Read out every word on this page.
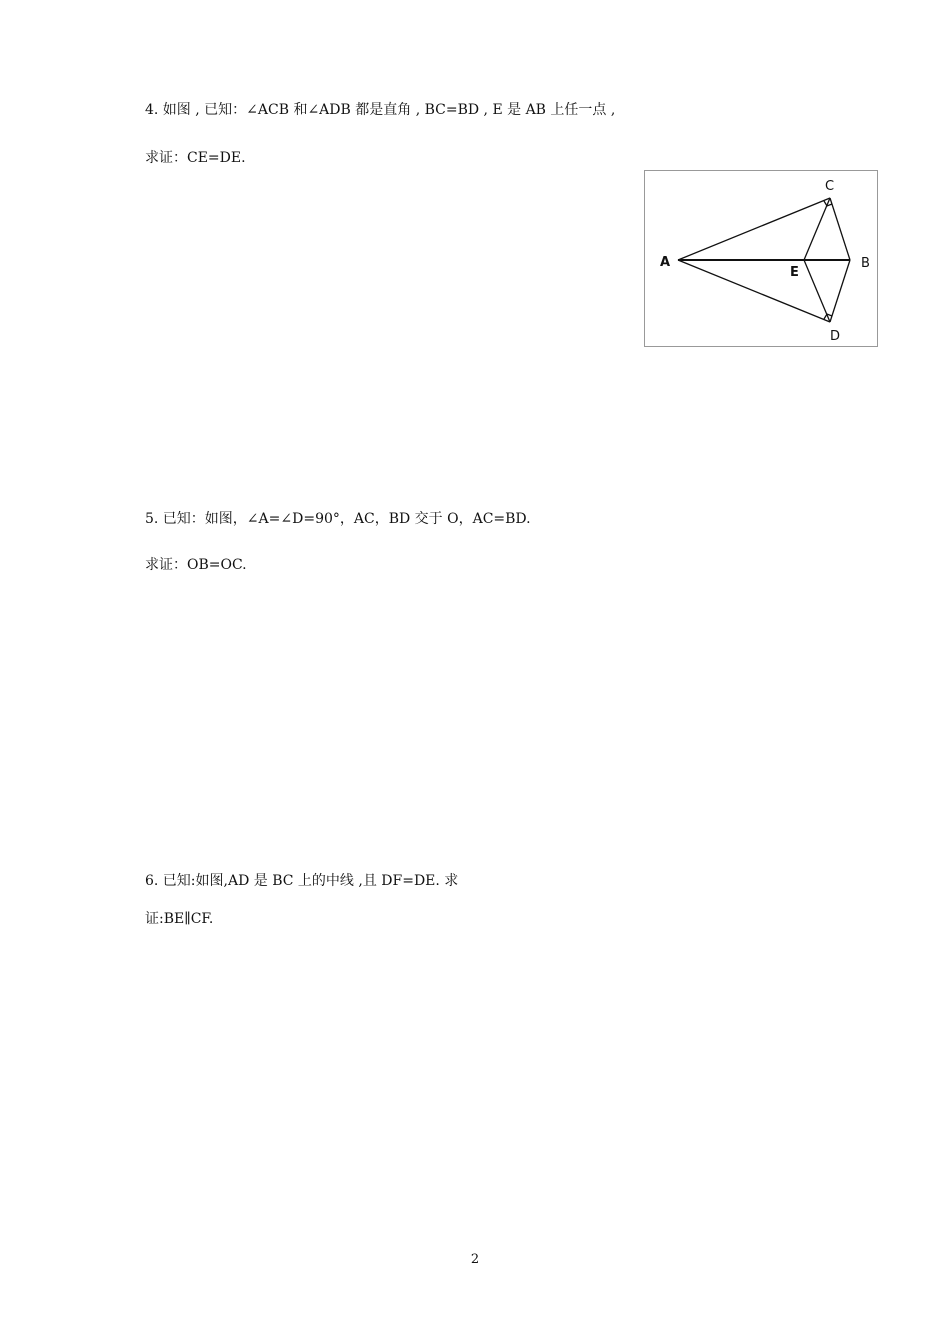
4. 如图 , 已知：∠ACB 和∠ADB 都是直角 , BC=BD , E 是 AB 上任一点 ,
求证：CE=DE.
A	B
C
D
E
5. 已知：如图，∠A=∠D=90°，AC，BD 交于 O，AC=BD.
求证：OB=OC.
6. 已知:如图,AD 是 BC 上的中线 ,且 DF=DE. 求
证:BE∥CF.
2
